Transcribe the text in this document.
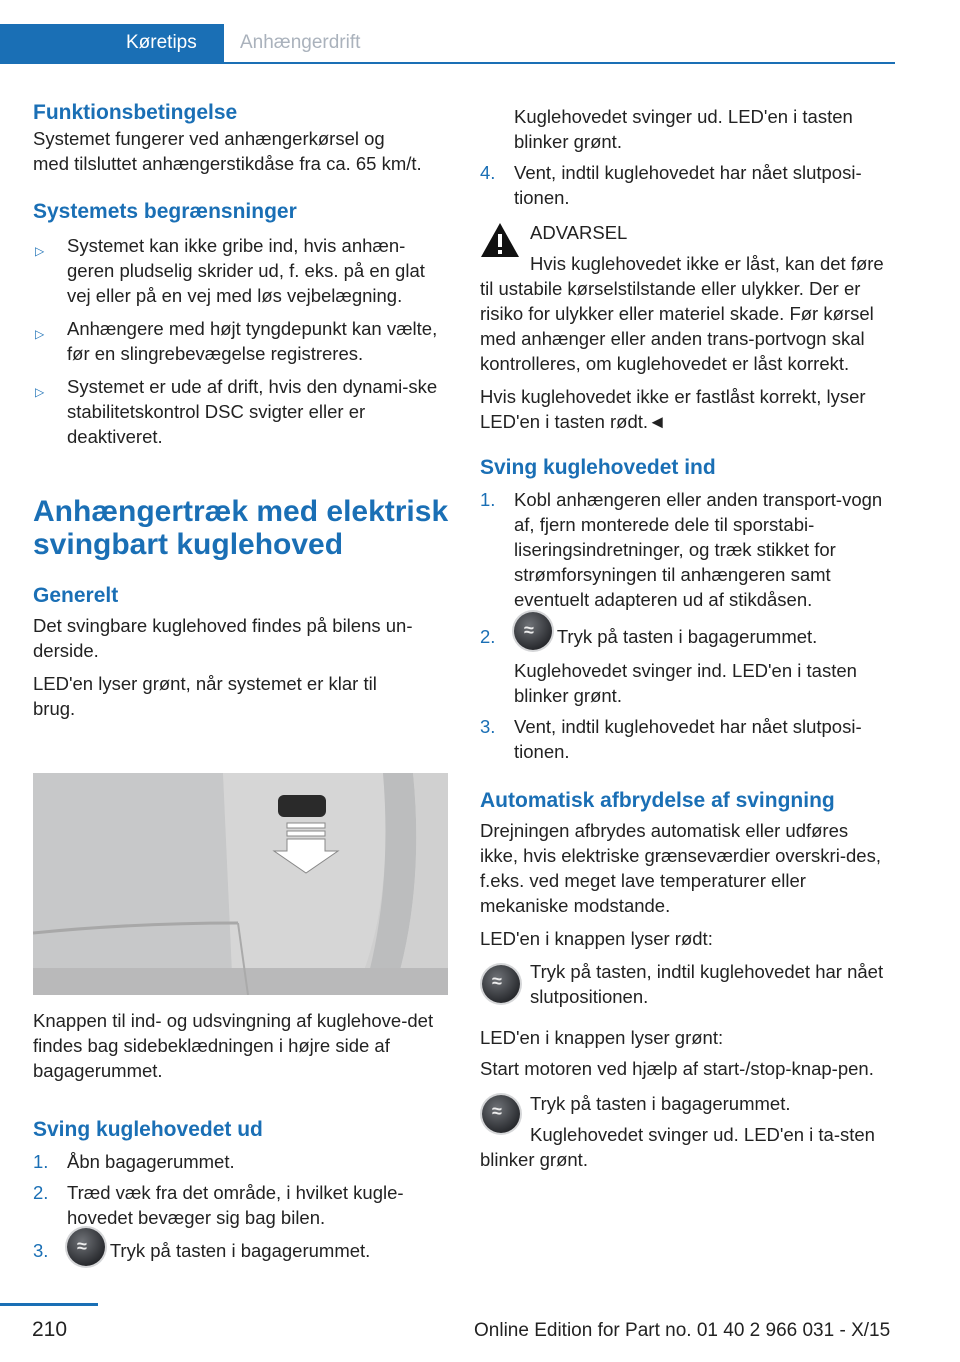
Køretips	Anhængerdrift
Funktionsbetingelse

Systemet fungerer ved anhængerkørsel og med tilsluttet anhængerstikdåse fra ca. 65 km/t.

Systemets begrænsninger
▷ Systemet kan ikke gribe ind, hvis anhæn-geren pludselig skrider ud, f. eks. på en glat vej eller på en vej med løs vejbelægning.
▷ Anhængere med højt tyngdepunkt kan vælte, før en slingrebevægelse registreres.
▷ Systemet er ude af drift, hvis den dynami-ske stabilitetskontrol DSC svigter eller er deaktiveret.
Anhængertræk med elektrisk
svingbart kuglehoved
Generelt

Det svingbare kuglehoved findes på bilens un-derside.

LED'en lyser grønt, når systemet er klar til brug.

Knappen til ind- og udsvingning af kuglehove-det findes bag sidebeklædningen i højre side af bagagerummet.

Sving kuglehovedet ud
1. Åbn bagagerummet.
2. Træd væk fra det område, i hvilket kugle-hovedet bevæger sig bag bilen.
3. ≈	Tryk på tasten i bagagerummet.

Kuglehovedet svinger ud. LED'en i tasten blinker grønt.

4. Vent, indtil kuglehovedet har nået slutposi-tionen.

ADVARSEL

Hvis kuglehovedet ikke er låst, kan det føre til ustabile kørselstilstande eller ulykker. Der er risiko for ulykker eller materiel skade. Før kørsel med anhænger eller anden trans-portvogn skal kontrolleres, om kuglehovedet er låst korrekt.

Hvis kuglehovedet ikke er fastlåst korrekt, lyser LED'en i tasten rødt.◄

Sving kuglehovedet ind
1. Kobl anhængeren eller anden transport-vogn af, fjern monterede dele til sporstabi-liseringsindretninger, og træk stikket for strømforsyningen til anhængeren samt eventuelt adapteren ud af stikdåsen.
2. ≈	Tryk på tasten i bagagerummet.
Kuglehovedet svinger ind. LED'en i tasten blinker grønt.
3. Vent, indtil kuglehovedet har nået slutposi-tionen.
Automatisk afbrydelse af svingning

Drejningen afbrydes automatisk eller udføres ikke, hvis elektriske grænseværdier overskri-des, f.eks. ved meget lave temperaturer eller mekaniske modstande.

LED'en i knappen lyser rødt:

≈

Tryk på tasten, indtil kuglehovedet har nået slutpositionen.

LED'en i knappen lyser grønt:

Start motoren ved hjælp af start-/stop-knap-pen.

≈

Tryk på tasten i bagagerummet.

Kuglehovedet svinger ud. LED'en i ta-sten blinker grønt.

210	Online Edition for Part no. 01 40 2 966 031 - X/15
